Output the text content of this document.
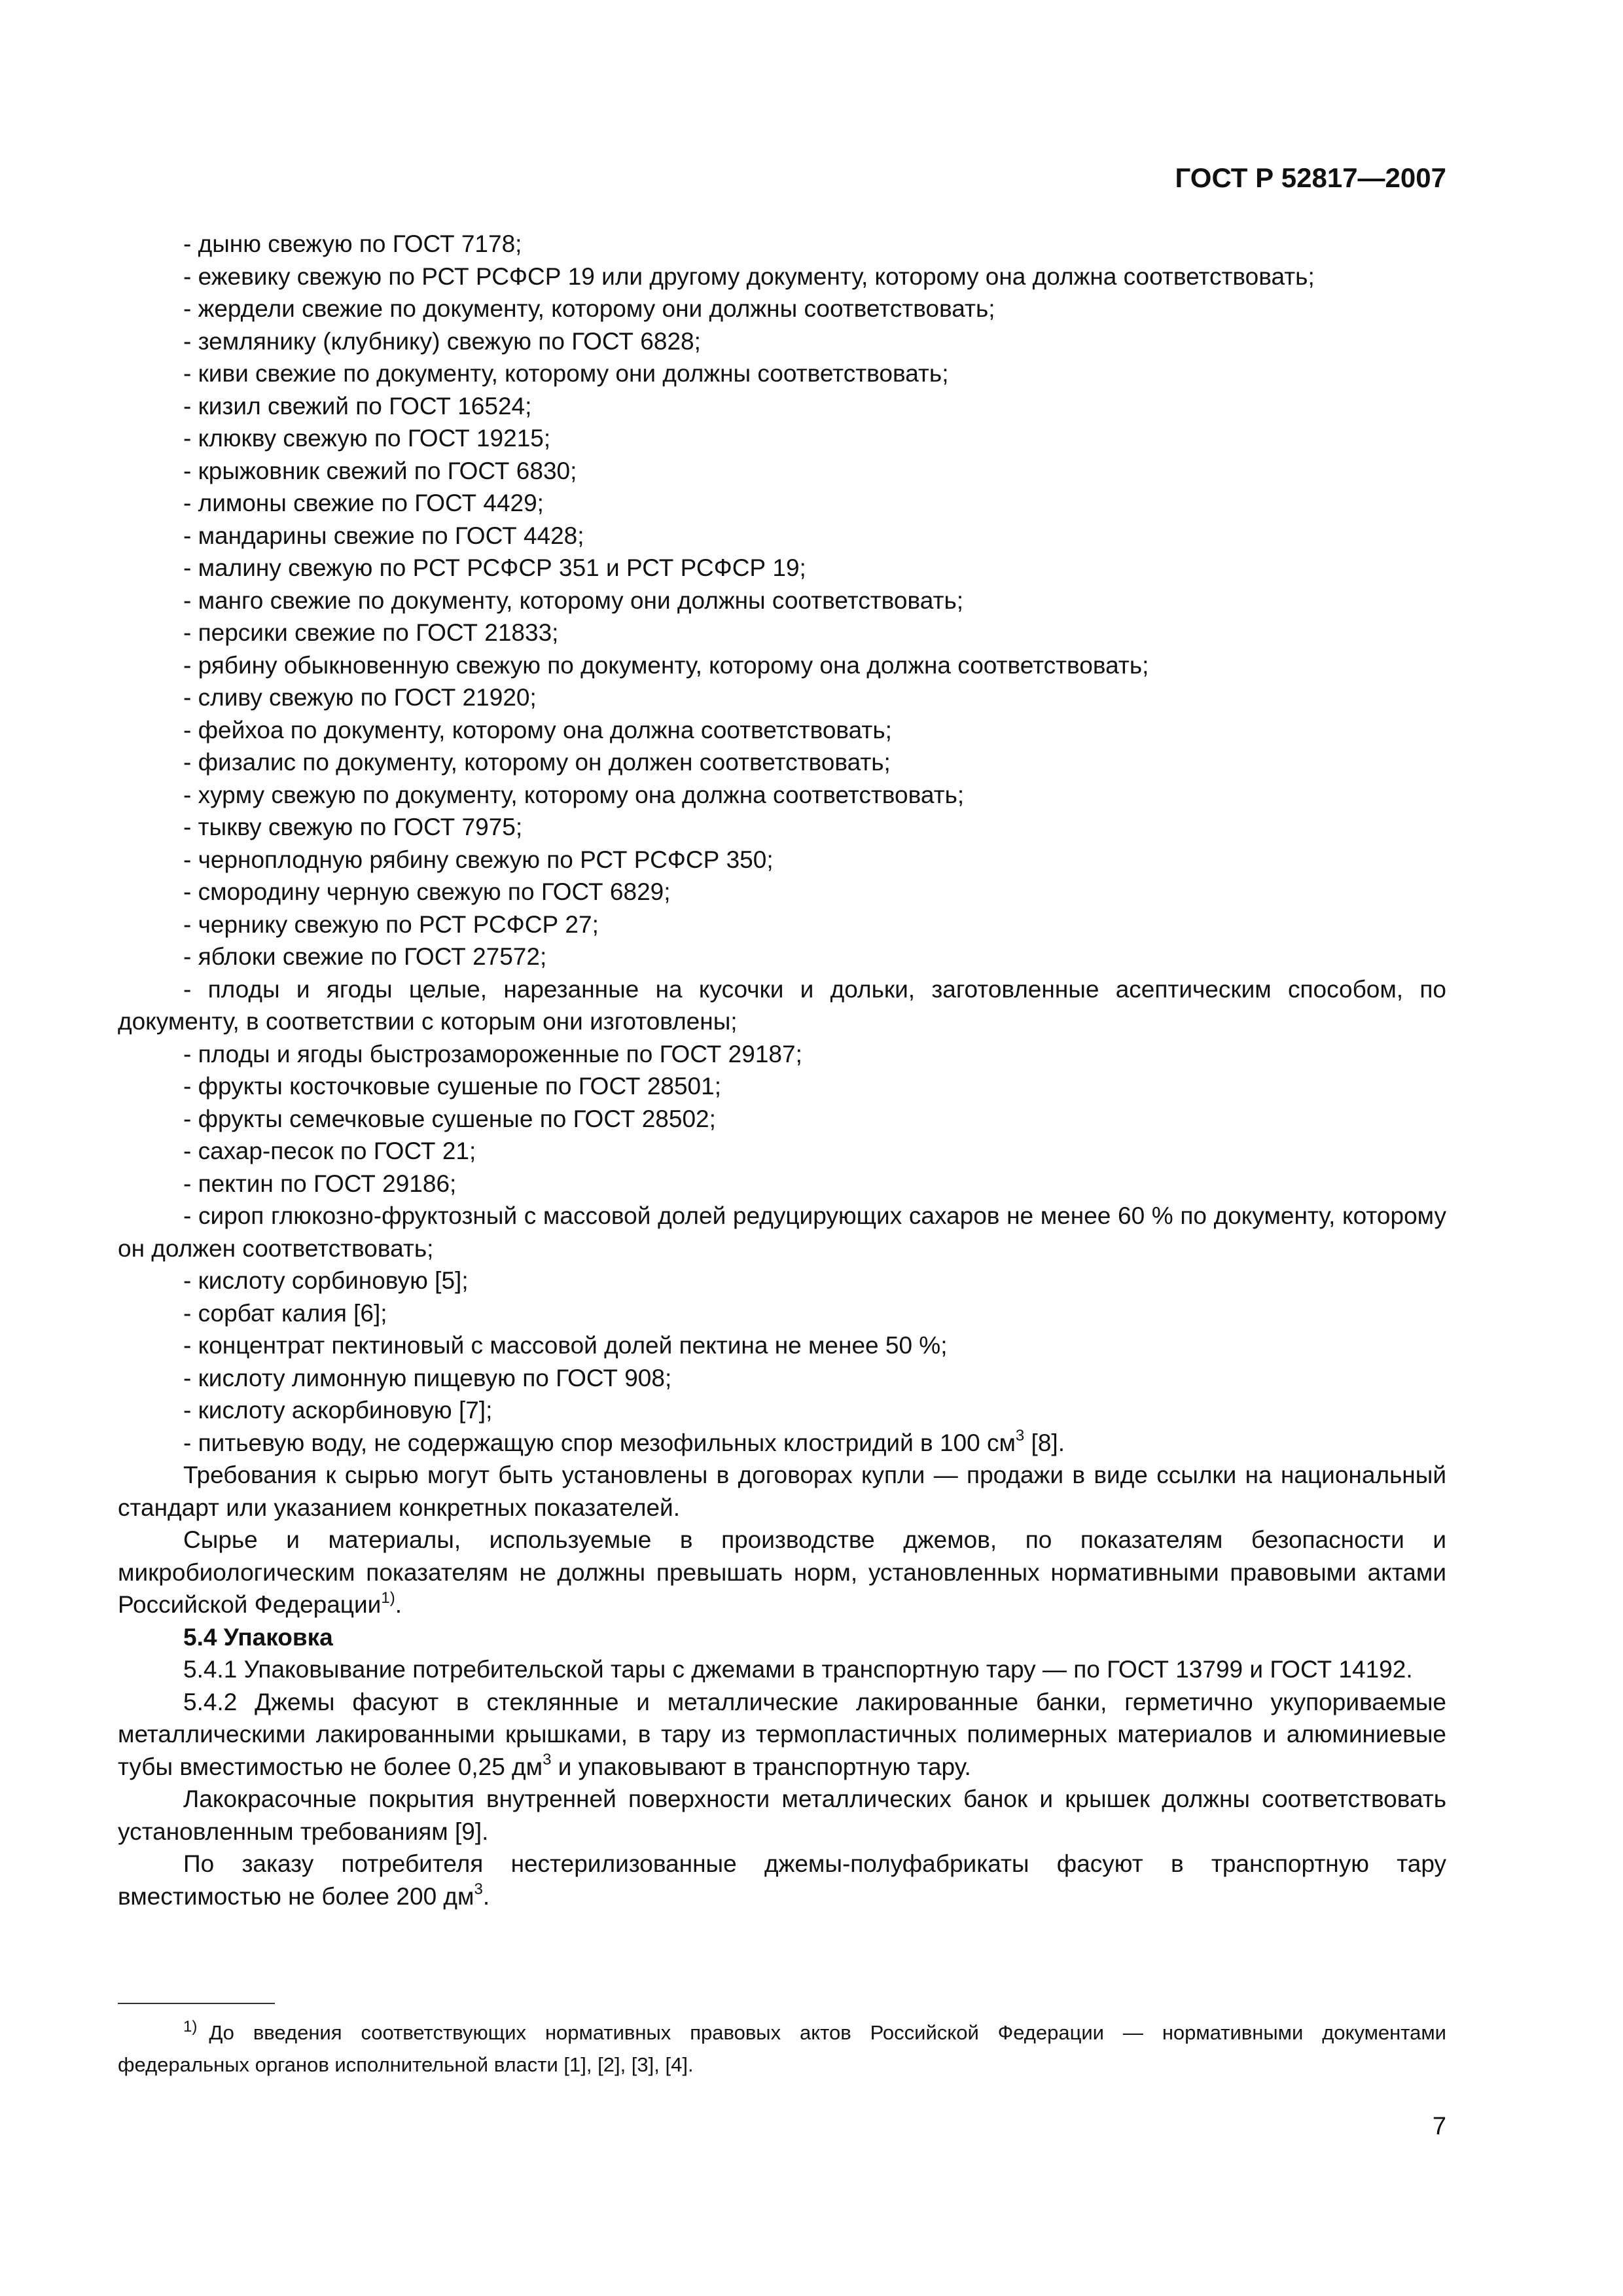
ГОСТ Р 52817—2007

- дыню свежую по ГОСТ 7178;

- ежевику свежую по РСТ РСФСР 19 или другому документу, которому она должна соответствовать;

- жердели свежие по документу, которому они должны соответствовать;

- землянику (клубнику) свежую по ГОСТ 6828;

- киви свежие по документу, которому они должны соответствовать;

- кизил свежий по ГОСТ 16524;

- клюкву свежую по ГОСТ 19215;

- крыжовник свежий по ГОСТ 6830;

- лимоны свежие по ГОСТ 4429;

- мандарины свежие по ГОСТ 4428;

- малину свежую по РСТ РСФСР 351 и РСТ РСФСР 19;

- манго свежие по документу, которому они должны соответствовать;

- персики свежие по ГОСТ 21833;

- рябину обыкновенную свежую по документу, которому она должна соответствовать;

- сливу свежую по ГОСТ 21920;

- фейхоа по документу, которому она должна соответствовать;

- физалис по документу, которому он должен соответствовать;

- хурму свежую по документу, которому она должна соответствовать;

- тыкву свежую по ГОСТ 7975;

- черноплодную рябину свежую по РСТ РСФСР 350;

- смородину черную свежую по ГОСТ 6829;

- чернику свежую по РСТ РСФСР 27;

- яблоки свежие по ГОСТ 27572;

- плоды и ягоды целые, нарезанные на кусочки и дольки, заготовленные асептическим способом, по документу, в соответствии с которым они изготовлены;

- плоды и ягоды быстрозамороженные по ГОСТ 29187;

- фрукты косточковые сушеные по ГОСТ 28501;

- фрукты семечковые сушеные по ГОСТ 28502;

- сахар-песок по ГОСТ 21;

- пектин по ГОСТ 29186;

- сироп глюкозно-фруктозный с массовой долей редуцирующих сахаров не менее 60 % по документу, которому он должен соответствовать;

- кислоту сорбиновую [5];

- сорбат калия [6];

- концентрат пектиновый с массовой долей пектина не менее 50 %;

- кислоту лимонную пищевую по ГОСТ 908;

- кислоту аскорбиновую [7];

- питьевую воду, не содержащую спор мезофильных клостридий в 100 $см^3$ [8].

Требования к сырью могут быть установлены в договорах купли — продажи в виде ссылки на национальный стандарт или указанием конкретных показателей.

Сырье и материалы, используемые в производстве джемов, по показателям безопасности и микробиологическим показателям не должны превышать норм, установленных нормативными правовыми актами Российской Федерации$^{1)}$.

5.4 Упаковка

5.4.1 Упаковывание потребительской тары с джемами в транспортную тару — по ГОСТ 13799 и ГОСТ 14192.

5.4.2 Джемы фасуют в стеклянные и металлические лакированные банки, герметично укупориваемые металлическими лакированными крышками, в тару из термопластичных полимерных материалов и алюминиевые тубы вместимостью не более 0,25 $дм^3$ и упаковывают в транспортную тару.

Лакокрасочные покрытия внутренней поверхности металлических банок и крышек должны соответствовать установленным требованиям [9].

По заказу потребителя нестерилизованные джемы-полуфабрикаты фасуют в транспортную тару вместимостью не более 200 $дм^3$.

$^{1)}$ До введения соответствующих нормативных правовых актов Российской Федерации — нормативными документами федеральных органов исполнительной власти [1], [2], [3], [4].

7
